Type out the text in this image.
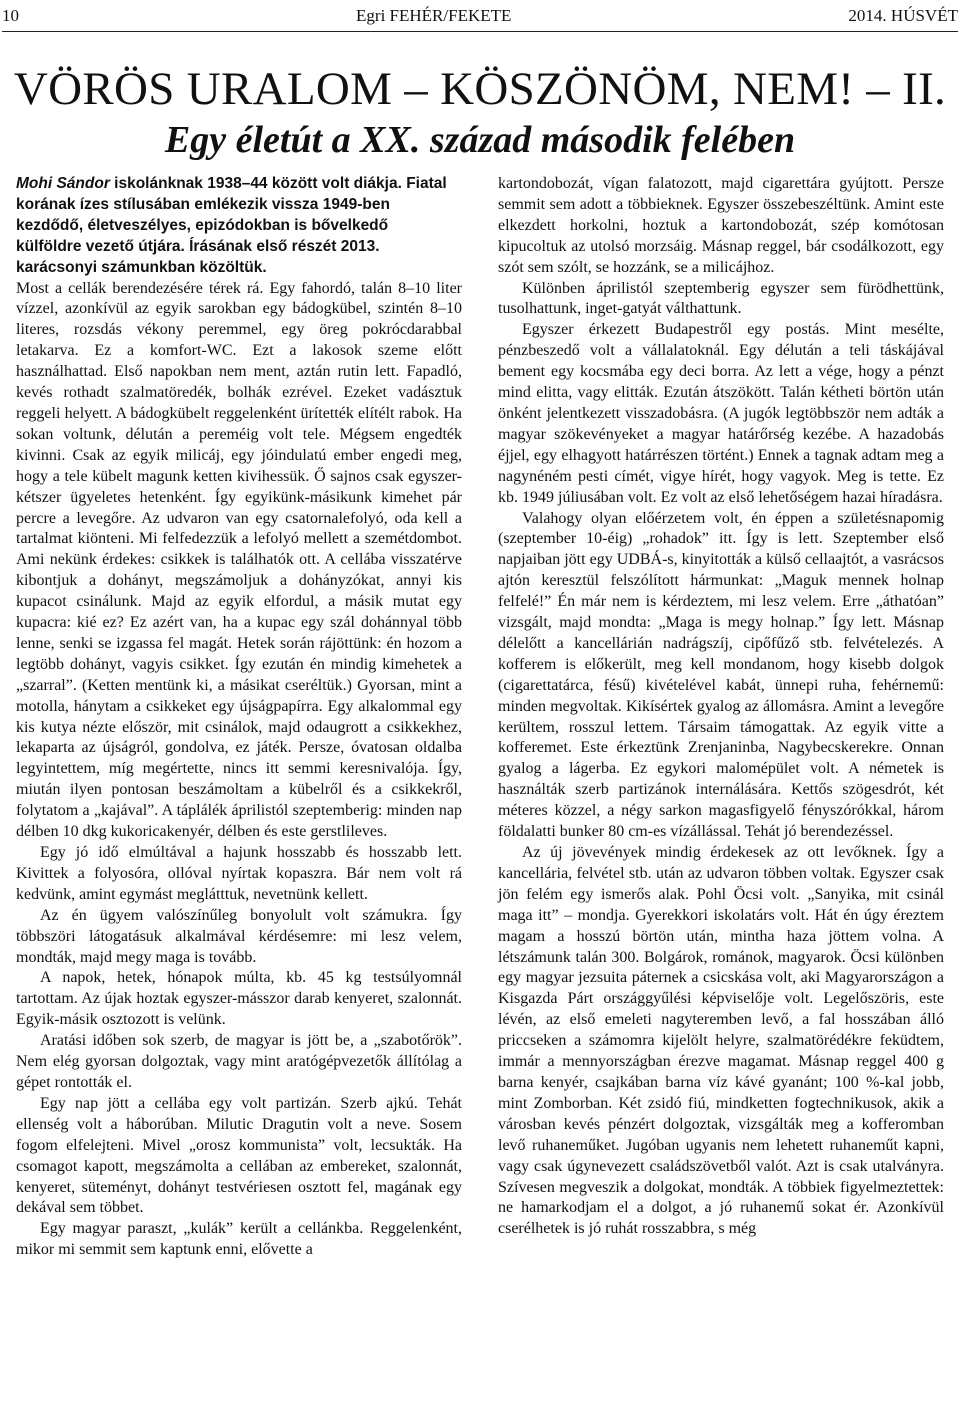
10	Egri FEHÉR/FEKETE	2014. HÚSVÉT
VÖRÖS URALOM – KÖSZÖNÖM, NEM! – II.
Egy életút a XX. század második felében

Mohi Sándor iskolánknak 1938–44 között volt diákja. Fiatal korának ízes stílusában emlékezik vissza 1949-ben kezdődő, életveszélyes, epizódokban is bővelkedő külföldre vezető útjára. Írásának első részét 2013. karácsonyi számunkban közöltük.

Most a cellák berendezésére térek rá. Egy fahordó, talán 8–10 liter vízzel, azonkívül az egyik sarokban egy bádogkübel, szintén 8–10 literes, rozsdás vékony peremmel, egy öreg pokrócdarabbal letakarva. Ez a komfort-WC. Ezt a lakosok szeme előtt használhattad. Első napokban nem ment, aztán rutin lett. Fapadló, kevés rothadt szalmatöredék, bolhák ezrével. Ezeket vadásztuk reggeli helyett. A bádogkübelt reggelenként ürítették elítélt rabok. Ha sokan voltunk, délután a pereméig volt tele. Mégsem engedték kivinni. Csak az egyik milicáj, egy jóindulatú ember engedi meg, hogy a tele kübelt magunk ketten kivihessük. Ő sajnos csak egyszer-kétszer ügyeletes hetenként. Így egyikünk-másikunk kimehet pár percre a levegőre. Az udvaron van egy csatornalefolyó, oda kell a tartalmat kiönteni. Mi felfedezzük a lefolyó mellett a szemétdombot. Ami nekünk érdekes: csikkek is találhatók ott. A cellába visszatérve kibontjuk a dohányt, megszámoljuk a dohányzókat, annyi kis kupacot csinálunk. Majd az egyik elfordul, a másik mutat egy kupacra: kié ez? Ez azért van, ha a kupac egy szál dohánnyal több lenne, senki se izgassa fel magát. Hetek során rájöttünk: én hozom a legtöbb dohányt, vagyis csikket. Így ezután én mindig kimehetek a „szarral”. (Ketten mentünk ki, a másikat cseréltük.) Gyorsan, mint a motolla, hánytam a csikkeket egy újságpapírra. Egy alkalommal egy kis kutya nézte először, mit csinálok, majd odaugrott a csikkekhez, lekaparta az újságról, gondolva, ez játék. Persze, óvatosan oldalba legyintettem, míg megértette, nincs itt semmi keresnivalója. Így, miután ilyen pontosan beszámoltam a kübelről és a csikkekről, folytatom a „kajával”. A táplálék áprilistól szeptemberig: minden nap délben 10 dkg kukoricakenyér, délben és este gerstlileves.

Egy jó idő elmúltával a hajunk hosszabb és hosszabb lett. Kivittek a folyosóra, ollóval nyírtak kopaszra. Bár nem volt rá kedvünk, amint egymást meglátttuk, nevetnünk kellett.

Az én ügyem valószínűleg bonyolult volt számukra. Így többszöri látogatásuk alkalmával kérdésemre: mi lesz velem, mondták, majd megy maga is tovább.

A napok, hetek, hónapok múlta, kb. 45 kg testsúlyomnál tartottam. Az újak hoztak egyszer-másszor darab kenyeret, szalonnát. Egyik-másik osztozott is velünk.

Aratási időben sok szerb, de magyar is jött be, a „szabotőrök”. Nem elég gyorsan dolgoztak, vagy mint aratógépvezetők állítólag a gépet rontották el.

Egy nap jött a cellába egy volt partizán. Szerb ajkú. Tehát ellenség volt a háborúban. Milutic Dragutin volt a neve. Sosem fogom elfelejteni. Mivel „orosz kommunista” volt, lecsukták. Ha csomagot kapott, megszámolta a cellában az embereket, szalonnát, kenyeret, süteményt, dohányt testvériesen osztott fel, magának egy dekával sem többet.

Egy magyar paraszt, „kulák” került a cellánkba. Reggelenként, mikor mi semmit sem kaptunk enni, elővette a

kartondobozát, vígan falatozott, majd cigarettára gyújtott. Persze semmit sem adott a többieknek. Egyszer összebeszéltünk. Amint este elkezdett horkolni, hoztuk a kartondobozát, szép komótosan kipucoltuk az utolsó morzsáig. Másnap reggel, bár csodálkozott, egy szót sem szólt, se hozzánk, se a milicájhoz.

Különben áprilistól szeptemberig egyszer sem fürödhettünk, tusolhattunk, inget-gatyát válthattunk.

Egyszer érkezett Budapestről egy postás. Mint mesélte, pénzbeszedő volt a vállalatoknál. Egy délután a teli táskájával bement egy kocsmába egy deci borra. Az lett a vége, hogy a pénzt mind elitta, vagy elitták. Ezután átszökött. Talán kétheti börtön után önként jelentkezett visszadobásra. (A jugók legtöbbször nem adták a magyar szökevényeket a magyar határőrség kezébe. A hazadobás éjjel, egy elhagyott határrészen történt.) Ennek a tagnak adtam meg a nagynéném pesti címét, vigye hírét, hogy vagyok. Meg is tette. Ez kb. 1949 júliusában volt. Ez volt az első lehetőségem hazai híradásra.

Valahogy olyan előérzetem volt, én éppen a születésnapomig (szeptember 10-éig) „rohadok” itt. Így is lett. Szeptember első napjaiban jött egy UDBÁ-s, kinyitották a külső cellaajtót, a vasrácsos ajtón keresztül felszólított hármunkat: „Maguk mennek holnap felfelé!” Én már nem is kérdeztem, mi lesz velem. Erre „áthatóan” vizsgált, majd mondta: „Maga is megy holnap.” Így lett. Másnap délelőtt a kancellárián nadrágszíj, cipőfűző stb. felvételezés. A kofferem is előkerült, meg kell mondanom, hogy kisebb dolgok (cigarettatárca, fésű) kivételével kabát, ünnepi ruha, fehérnemű: minden megvoltak. Kikísértek gyalog az állomásra. Amint a levegőre kerültem, rosszul lettem. Társaim támogattak. Az egyik vitte a kofferemet. Este érkeztünk Zrenjaninba, Nagybecskerekre. Onnan gyalog a lágerba. Ez egykori malomépület volt. A németek is használták szerb partizánok internálására. Kettős szögesdrót, két méteres közzel, a négy sarkon magasfigyelő fényszórókkal, három földalatti bunker 80 cm-es vízállással. Tehát jó berendezéssel.

Az új jövevények mindig érdekesek az ott levőknek. Így a kancellária, felvétel stb. után az udvaron többen voltak. Egyszer csak jön felém egy ismerős alak. Pohl Öcsi volt. „Sanyika, mit csinál maga itt” – mondja. Gyerekkori iskolatárs volt. Hát én úgy éreztem magam a hosszú börtön után, mintha haza jöttem volna. A létszámunk talán 300. Bolgárok, románok, magyarok. Öcsi különben egy magyar jezsuita páternek a csicskása volt, aki Magyarországon a Kisgazda Párt országgyűlési képviselője volt. Legelőszöris, este lévén, az első emeleti nagyteremben levő, a fal hosszában álló priccseken a számomra kijelölt helyre, szalmatörédékre feküdtem, immár a mennyországban érezve magamat. Másnap reggel 400 g barna kenyér, csajkában barna víz kávé gyanánt; 100 %-kal jobb, mint Zomborban. Két zsidó fiú, mindketten fogtechnikusok, akik a városban kevés pénzért dolgoztak, vizsgálták meg a kofferomban levő ruhaneműket. Jugóban ugyanis nem lehetett ruhaneműt kapni, vagy csak úgynevezett családszövetből valót. Azt is csak utalványra. Szívesen megveszik a dolgokat, mondták. A többiek figyelmeztettek: ne hamarkodjam el a dolgot, a jó ruhanemű sokat ér. Azonkívül cserélhetek is jó ruhát rosszabbra, s még
